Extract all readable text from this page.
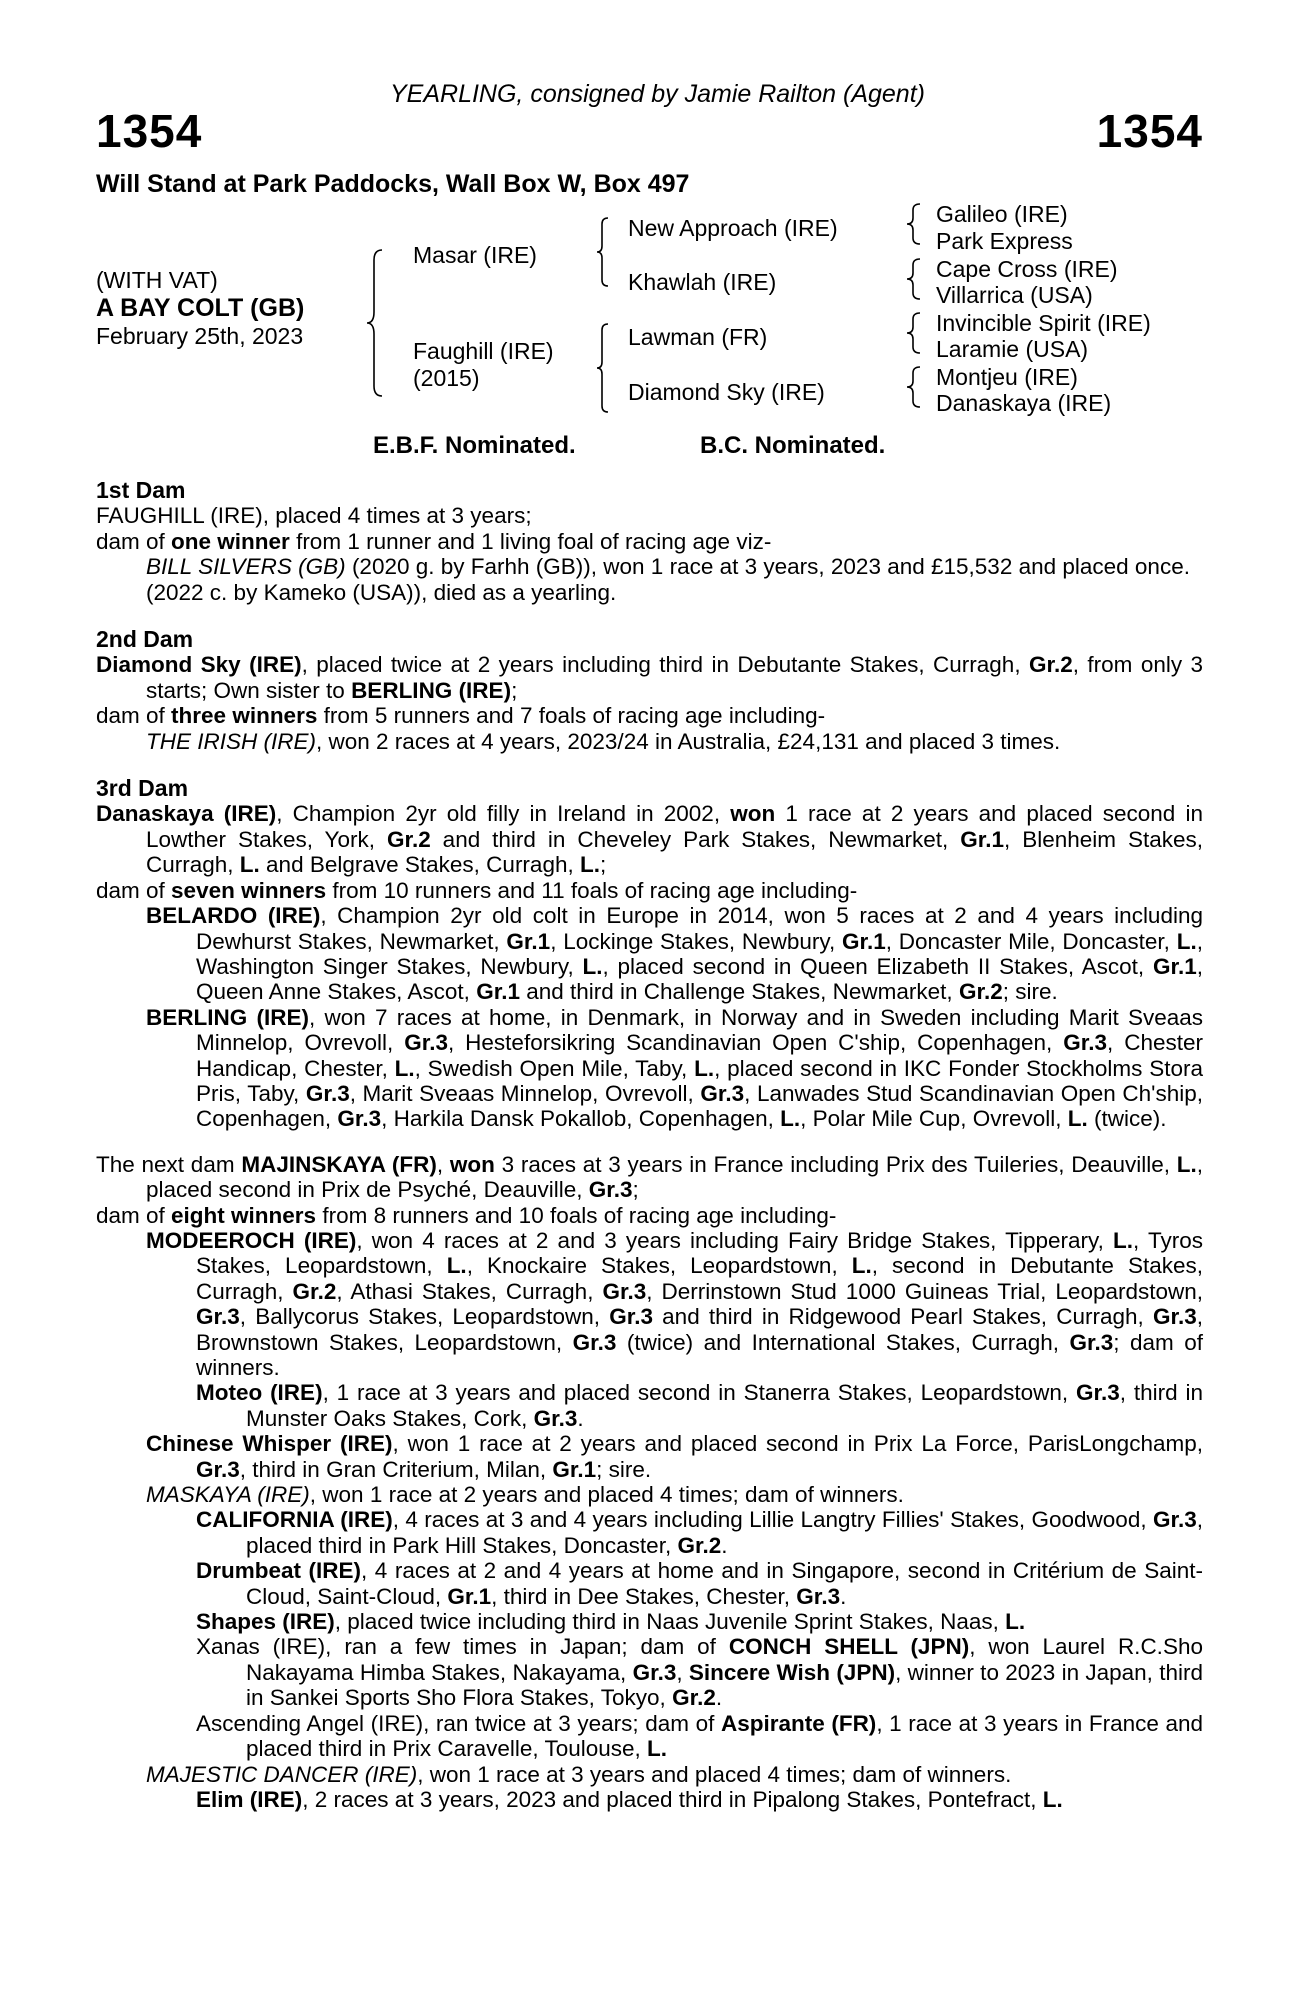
YEARLING, consigned by Jamie Railton (Agent)
1354	1354
Will Stand at Park Paddocks, Wall Box W, Box 497
(WITH VAT)
A BAY COLT (GB)
February 25th, 2023
Masar (IRE)
Faughill (IRE)
(2015)
New Approach (IRE)
Khawlah (IRE)
Lawman (FR)
Diamond Sky (IRE)
Galileo (IRE)
Park Express
Cape Cross (IRE)
Villarrica (USA)
Invincible Spirit (IRE)
Laramie (USA)
Montjeu (IRE)
Danaskaya (IRE)
E.B.F. Nominated.	B.C. Nominated.

1st Dam

FAUGHILL (IRE), placed 4 times at 3 years;

dam of one winner from 1 runner and 1 living foal of racing age viz-

BILL SILVERS (GB) (2020 g. by Farhh (GB)), won 1 race at 3 years, 2023 and £15,532 and placed once.

(2022 c. by Kameko (USA)), died as a yearling.

2nd Dam

Diamond Sky (IRE), placed twice at 2 years including third in Debutante Stakes, Curragh, Gr.2, from only 3 starts; Own sister to BERLING (IRE);

dam of three winners from 5 runners and 7 foals of racing age including-

THE IRISH (IRE), won 2 races at 4 years, 2023/24 in Australia, £24,131 and placed 3 times.

3rd Dam

Danaskaya (IRE), Champion 2yr old filly in Ireland in 2002, won 1 race at 2 years and placed second in Lowther Stakes, York, Gr.2 and third in Cheveley Park Stakes, Newmarket, Gr.1, Blenheim Stakes, Curragh, L. and Belgrave Stakes, Curragh, L.;

dam of seven winners from 10 runners and 11 foals of racing age including-

BELARDO (IRE), Champion 2yr old colt in Europe in 2014, won 5 races at 2 and 4 years including Dewhurst Stakes, Newmarket, Gr.1, Lockinge Stakes, Newbury, Gr.1, Doncaster Mile, Doncaster, L., Washington Singer Stakes, Newbury, L., placed second in Queen Elizabeth II Stakes, Ascot, Gr.1, Queen Anne Stakes, Ascot, Gr.1 and third in Challenge Stakes, Newmarket, Gr.2; sire.

BERLING (IRE), won 7 races at home, in Denmark, in Norway and in Sweden including Marit Sveaas Minnelop, Ovrevoll, Gr.3, Hesteforsikring Scandinavian Open C'ship, Copenhagen, Gr.3, Chester Handicap, Chester, L., Swedish Open Mile, Taby, L., placed second in IKC Fonder Stockholms Stora Pris, Taby, Gr.3, Marit Sveaas Minnelop, Ovrevoll, Gr.3, Lanwades Stud Scandinavian Open Ch'ship, Copenhagen, Gr.3, Harkila Dansk Pokallob, Copenhagen, L., Polar Mile Cup, Ovrevoll, L. (twice).

The next dam MAJINSKAYA (FR), won 3 races at 3 years in France including Prix des Tuileries, Deauville, L., placed second in Prix de Psyché, Deauville, Gr.3;

dam of eight winners from 8 runners and 10 foals of racing age including-

MODEEROCH (IRE), won 4 races at 2 and 3 years including Fairy Bridge Stakes, Tipperary, L., Tyros Stakes, Leopardstown, L., Knockaire Stakes, Leopardstown, L., second in Debutante Stakes, Curragh, Gr.2, Athasi Stakes, Curragh, Gr.3, Derrinstown Stud 1000 Guineas Trial, Leopardstown, Gr.3, Ballycorus Stakes, Leopardstown, Gr.3 and third in Ridgewood Pearl Stakes, Curragh, Gr.3, Brownstown Stakes, Leopardstown, Gr.3 (twice) and International Stakes, Curragh, Gr.3; dam of winners.

Moteo (IRE), 1 race at 3 years and placed second in Stanerra Stakes, Leopardstown, Gr.3, third in Munster Oaks Stakes, Cork, Gr.3.

Chinese Whisper (IRE), won 1 race at 2 years and placed second in Prix La Force, ParisLongchamp, Gr.3, third in Gran Criterium, Milan, Gr.1; sire.

MASKAYA (IRE), won 1 race at 2 years and placed 4 times; dam of winners.

CALIFORNIA (IRE), 4 races at 3 and 4 years including Lillie Langtry Fillies' Stakes, Goodwood, Gr.3, placed third in Park Hill Stakes, Doncaster, Gr.2.

Drumbeat (IRE), 4 races at 2 and 4 years at home and in Singapore, second in Critérium de Saint-Cloud, Saint-Cloud, Gr.1, third in Dee Stakes, Chester, Gr.3.

Shapes (IRE), placed twice including third in Naas Juvenile Sprint Stakes, Naas, L.

Xanas (IRE), ran a few times in Japan; dam of CONCH SHELL (JPN), won Laurel R.C.Sho Nakayama Himba Stakes, Nakayama, Gr.3, Sincere Wish (JPN), winner to 2023 in Japan, third in Sankei Sports Sho Flora Stakes, Tokyo, Gr.2.

Ascending Angel (IRE), ran twice at 3 years; dam of Aspirante (FR), 1 race at 3 years in France and placed third in Prix Caravelle, Toulouse, L.

MAJESTIC DANCER (IRE), won 1 race at 3 years and placed 4 times; dam of winners.

Elim (IRE), 2 races at 3 years, 2023 and placed third in Pipalong Stakes, Pontefract, L.
